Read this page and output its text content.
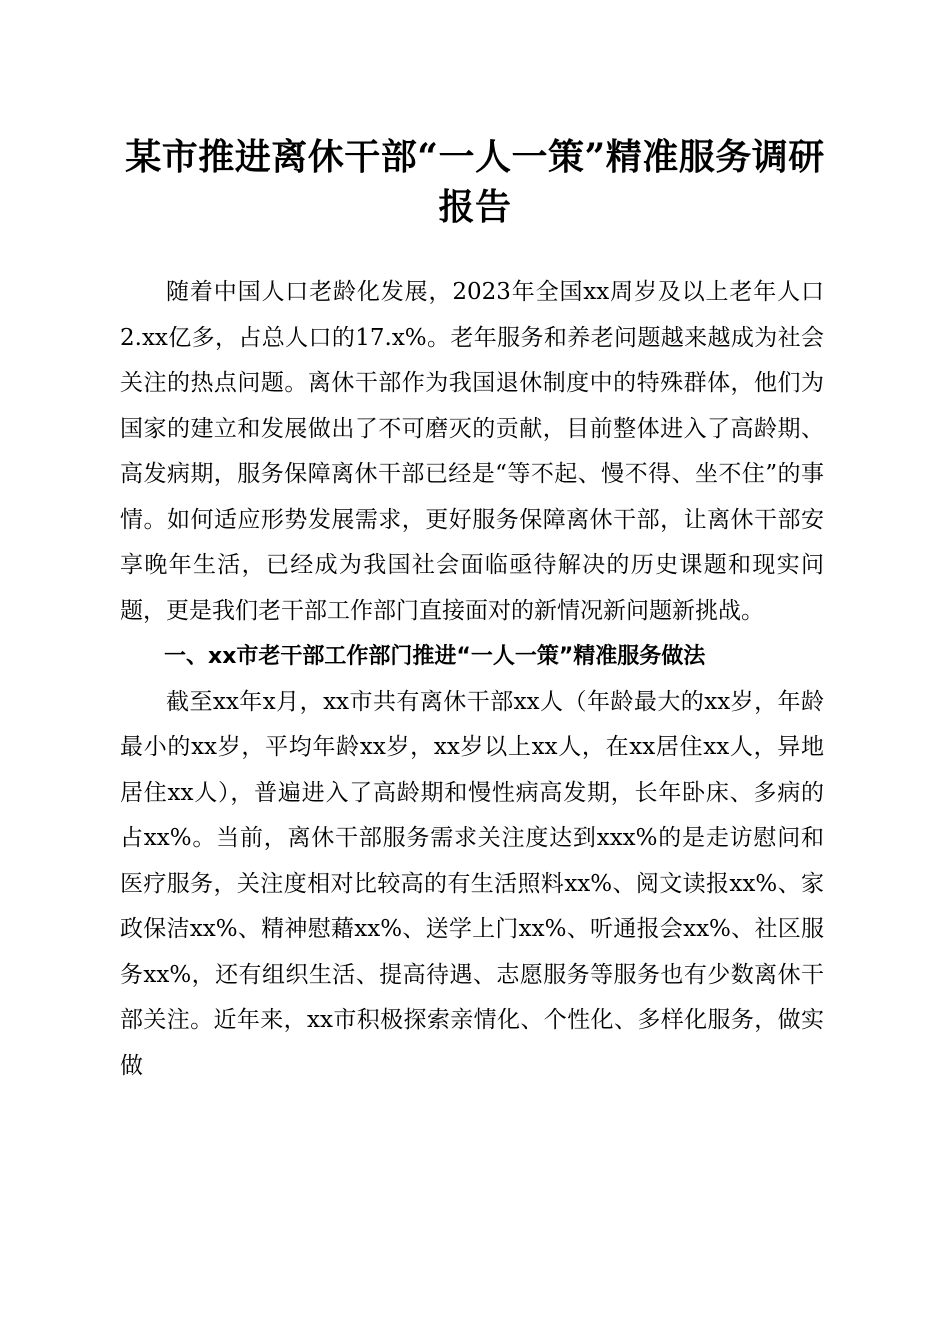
某市推进离休干部“一人一策”精准服务调研报告

随着中国人口老龄化发展，2023年全国xx周岁及以上老年人口2.xx亿多，占总人口的17.x%。老年服务和养老问题越来越成为社会关注的热点问题。离休干部作为我国退休制度中的特殊群体，他们为国家的建立和发展做出了不可磨灭的贡献，目前整体进入了高龄期、高发病期，服务保障离休干部已经是“等不起、慢不得、坐不住”的事情。如何适应形势发展需求，更好服务保障离休干部，让离休干部安享晚年生活，已经成为我国社会面临亟待解决的历史课题和现实问题，更是我们老干部工作部门直接面对的新情况新问题新挑战。

一、xx市老干部工作部门推进“一人一策”精准服务做法

截至xx年x月，xx市共有离休干部xx人（年龄最大的xx岁，年龄最小的xx岁，平均年龄xx岁，xx岁以上xx人，在xx居住xx人，异地居住xx人），普遍进入了高龄期和慢性病高发期，长年卧床、多病的占xx%。当前，离休干部服务需求关注度达到xxx%的是走访慰问和医疗服务，关注度相对比较高的有生活照料xx%、阅文读报xx%、家政保洁xx%、精神慰藉xx%、送学上门xx%、听通报会xx%、社区服务xx%，还有组织生活、提高待遇、志愿服务等服务也有少数离休干部关注。近年来，xx市积极探索亲情化、个性化、多样化服务，做实做
